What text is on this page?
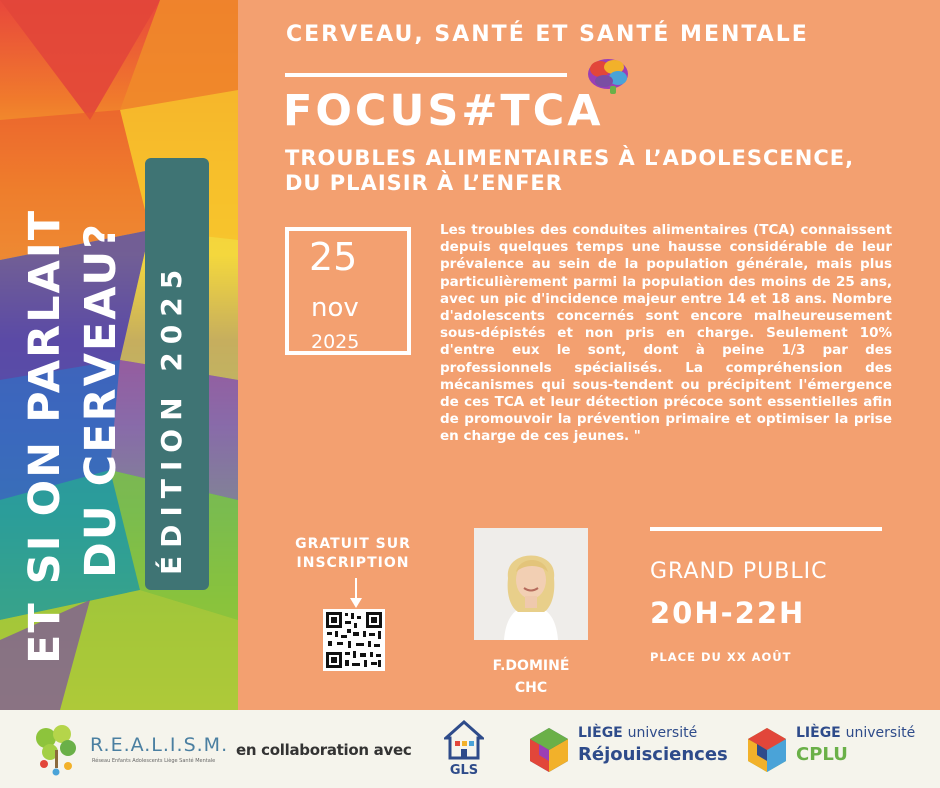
ET SI ON PARLAIT DU CERVEAU? ÉDITION 2025
CERVEAU, SANTÉ ET SANTÉ MENTALE
FOCUS#TCA
TROUBLES ALIMENTAIRES À L’ADOLESCENCE,
DU PLAISIR À L’ENFER
25
nov
2025
Les troubles des conduites alimentaires (TCA) connaissent depuis quelques temps une hausse considérable de leur prévalence au sein de la population générale, mais plus particulièrement parmi la population des moins de 25 ans, avec un pic d'incidence majeur entre 14 et 18 ans. Nombre d'adolescents concernés sont encore malheureusement sous-dépistés et non pris en charge. Seulement 10% d'entre eux le sont, dont à peine 1/3 par des professionnels spécialisés. La compréhension des mécanismes qui sous-tendent ou précipitent l'émergence de ces TCA et leur détection précoce sont essentielles afin de promouvoir la prévention primaire et optimiser la prise en charge de ces jeunes. "
GRATUIT SUR
INSCRIPTION
F.DOMINÉ
CHC
GRAND PUBLIC
20H-22H
PLACE DU XX AOÛT
R.E.A.L.I.S.M.
Réseau Enfants Adolescents Liège Santé Mentale
en collaboration avec
GLS
LIÈGE université
Réjouisciences
LIÈGE université
CPLU
